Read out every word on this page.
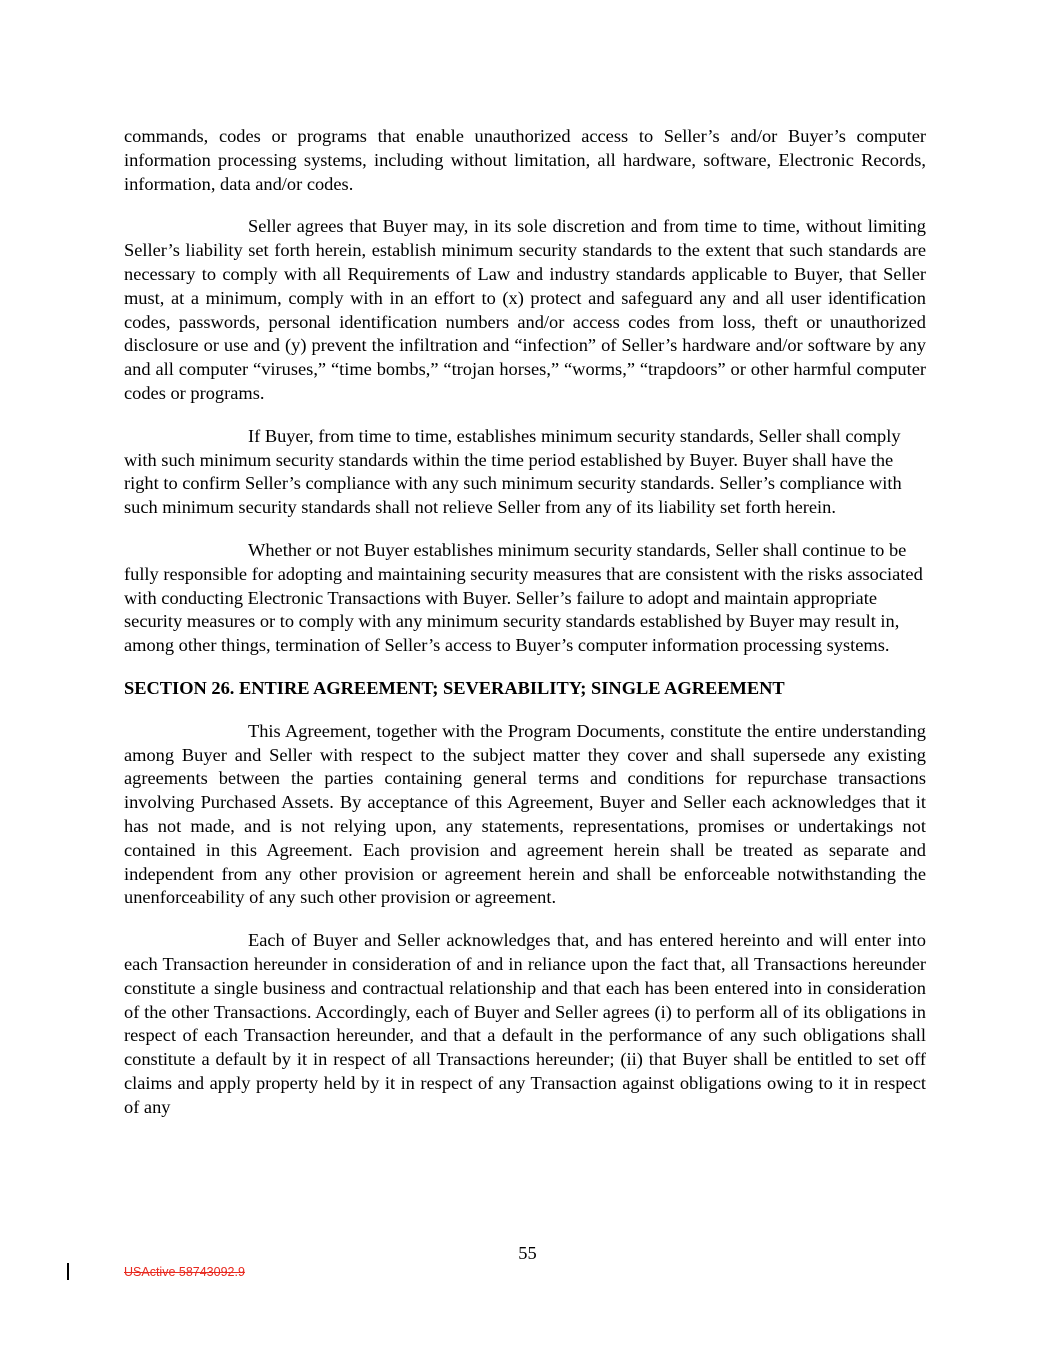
commands, codes or programs that enable unauthorized access to Seller’s and/or Buyer’s computer information processing systems, including without limitation, all hardware, software, Electronic Records, information, data and/or codes.

Seller agrees that Buyer may, in its sole discretion and from time to time, without limiting Seller’s liability set forth herein, establish minimum security standards to the extent that such standards are necessary to comply with all Requirements of Law and industry standards applicable to Buyer, that Seller must, at a minimum, comply with in an effort to (x) protect and safeguard any and all user identification codes, passwords, personal identification numbers and/or access codes from loss, theft or unauthorized disclosure or use and (y) prevent the infiltration and “infection” of Seller’s hardware and/or software by any and all computer “viruses,” “time bombs,” “trojan horses,” “worms,” “trapdoors” or other harmful computer codes or programs.

If Buyer, from time to time, establishes minimum security standards, Seller shall comply with such minimum security standards within the time period established by Buyer. Buyer shall have the right to confirm Seller’s compliance with any such minimum security standards. Seller’s compliance with such minimum security standards shall not relieve Seller from any of its liability set forth herein.

Whether or not Buyer establishes minimum security standards, Seller shall continue to be fully responsible for adopting and maintaining security measures that are consistent with the risks associated with conducting Electronic Transactions with Buyer. Seller’s failure to adopt and maintain appropriate security measures or to comply with any minimum security standards established by Buyer may result in, among other things, termination of Seller’s access to Buyer’s computer information processing systems.

SECTION 26. ENTIRE AGREEMENT; SEVERABILITY; SINGLE AGREEMENT

This Agreement, together with the Program Documents, constitute the entire understanding among Buyer and Seller with respect to the subject matter they cover and shall supersede any existing agreements between the parties containing general terms and conditions for repurchase transactions involving Purchased Assets. By acceptance of this Agreement, Buyer and Seller each acknowledges that it has not made, and is not relying upon, any statements, representations, promises or undertakings not contained in this Agreement. Each provision and agreement herein shall be treated as separate and independent from any other provision or agreement herein and shall be enforceable notwithstanding the unenforceability of any such other provision or agreement.

Each of Buyer and Seller acknowledges that, and has entered hereinto and will enter into each Transaction hereunder in consideration of and in reliance upon the fact that, all Transactions hereunder constitute a single business and contractual relationship and that each has been entered into in consideration of the other Transactions. Accordingly, each of Buyer and Seller agrees (i) to perform all of its obligations in respect of each Transaction hereunder, and that a default in the performance of any such obligations shall constitute a default by it in respect of all Transactions hereunder; (ii) that Buyer shall be entitled to set off claims and apply property held by it in respect of any Transaction against obligations owing to it in respect of any

55
USActive 58743092.9
